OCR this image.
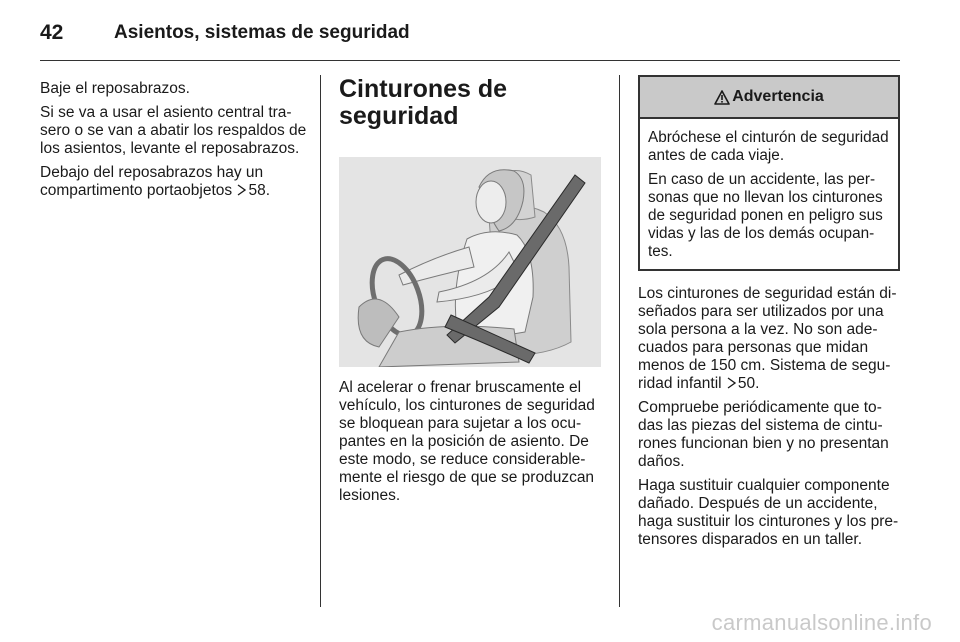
42	Asientos, sistemas de seguridad

Baje el reposabrazos.

Si se va a usar el asiento central trasero o se van a abatir los respaldos de los asientos, levante el reposabrazos.

Debajo del reposabrazos hay un compartimento portaobjetos 58.

Cinturones de seguridad

Al acelerar o frenar bruscamente el vehículo, los cinturones de seguridad se bloquean para sujetar a los ocupantes en la posición de asiento. De este modo, se reduce considerablemente el riesgo de que se produzcan lesiones.

Advertencia

Abróchese el cinturón de seguridad antes de cada viaje.

En caso de un accidente, las personas que no llevan los cinturones de seguridad ponen en peligro sus vidas y las de los demás ocupantes.

Los cinturones de seguridad están diseñados para ser utilizados por una sola persona a la vez. No son adecuados para personas que midan menos de 150 cm. Sistema de seguridad infantil 50.

Compruebe periódicamente que todas las piezas del sistema de cinturones funcionan bien y no presentan daños.

Haga sustituir cualquier componente dañado. Después de un accidente, haga sustituir los cinturones y los pretensores disparados en un taller.

carmanualsonline.info
